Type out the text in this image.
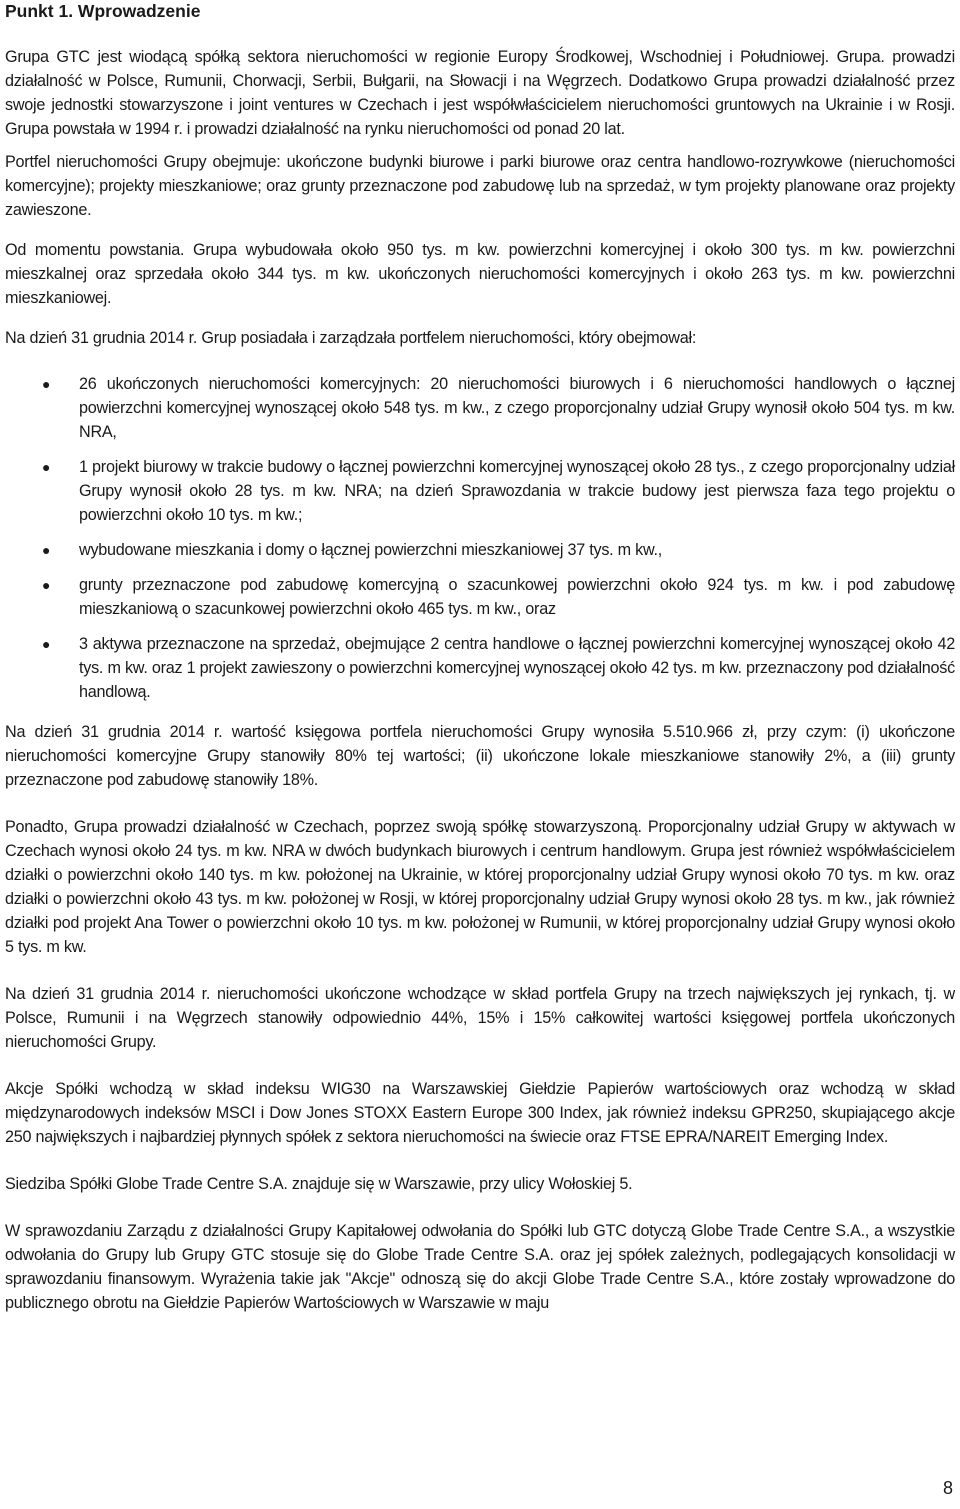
Punkt 1. Wprowadzenie

Grupa GTC jest wiodącą spółką sektora nieruchomości w regionie Europy Środkowej, Wschodniej i Południowej. Grupa. prowadzi działalność w Polsce, Rumunii, Chorwacji, Serbii, Bułgarii, na Słowacji i na Węgrzech. Dodatkowo Grupa prowadzi działalność przez swoje jednostki stowarzyszone i joint ventures w Czechach i jest współwłaścicielem nieruchomości gruntowych na Ukrainie i w Rosji. Grupa powstała w 1994 r. i prowadzi działalność na rynku nieruchomości od ponad 20 lat.

Portfel nieruchomości Grupy obejmuje: ukończone budynki biurowe i parki biurowe oraz centra handlowo-rozrywkowe (nieruchomości komercyjne); projekty mieszkaniowe; oraz grunty przeznaczone pod zabudowę lub na sprzedaż, w tym projekty planowane oraz projekty zawieszone.

Od momentu powstania. Grupa wybudowała około 950 tys. m kw. powierzchni komercyjnej i około 300 tys. m kw. powierzchni mieszkalnej oraz sprzedała około 344 tys. m kw. ukończonych nieruchomości komercyjnych i około 263 tys. m kw. powierzchni mieszkaniowej.

Na dzień 31 grudnia 2014 r. Grup posiadała i zarządzała portfelem nieruchomości, który obejmował:

● 26 ukończonych nieruchomości komercyjnych: 20 nieruchomości biurowych i 6 nieruchomości handlowych o łącznej powierzchni komercyjnej wynoszącej około 548 tys. m kw., z czego proporcjonalny udział Grupy wynosił około 504 tys. m kw. NRA,
● 1 projekt biurowy w trakcie budowy o łącznej powierzchni komercyjnej wynoszącej około 28 tys., z czego proporcjonalny udział Grupy wynosił około 28 tys. m kw. NRA; na dzień Sprawozdania w trakcie budowy jest pierwsza faza tego projektu o powierzchni około 10 tys. m kw.;
● wybudowane mieszkania i domy o łącznej powierzchni mieszkaniowej 37 tys. m kw.,
● grunty przeznaczone pod zabudowę komercyjną o szacunkowej powierzchni około 924 tys. m kw. i pod zabudowę mieszkaniową o szacunkowej powierzchni około 465 tys. m kw., oraz
● 3 aktywa przeznaczone na sprzedaż, obejmujące 2 centra handlowe o łącznej powierzchni komercyjnej wynoszącej około 42 tys. m kw. oraz 1 projekt zawieszony o powierzchni komercyjnej wynoszącej około 42 tys. m kw. przeznaczony pod działalność handlową.

Na dzień 31 grudnia 2014 r. wartość księgowa portfela nieruchomości Grupy wynosiła 5.510.966 zł, przy czym: (i) ukończone nieruchomości komercyjne Grupy stanowiły 80% tej wartości; (ii) ukończone lokale mieszkaniowe stanowiły 2%, a (iii) grunty przeznaczone pod zabudowę stanowiły 18%.

Ponadto, Grupa prowadzi działalność w Czechach, poprzez swoją spółkę stowarzyszoną. Proporcjonalny udział Grupy w aktywach w Czechach wynosi około 24 tys. m kw. NRA w dwóch budynkach biurowych i centrum handlowym. Grupa jest również współwłaścicielem działki o powierzchni około 140 tys. m kw. położonej na Ukrainie, w której proporcjonalny udział Grupy wynosi około 70 tys. m kw. oraz działki o powierzchni około 43 tys. m kw. położonej w Rosji, w której proporcjonalny udział Grupy wynosi około 28 tys. m kw., jak również działki pod projekt Ana Tower o powierzchni około 10 tys. m kw. położonej w Rumunii, w której proporcjonalny udział Grupy wynosi około 5 tys. m kw.

Na dzień 31 grudnia 2014 r. nieruchomości ukończone wchodzące w skład portfela Grupy na trzech największych jej rynkach, tj. w Polsce, Rumunii i na Węgrzech stanowiły odpowiednio 44%, 15% i 15% całkowitej wartości księgowej portfela ukończonych nieruchomości Grupy.

Akcje Spółki wchodzą w skład indeksu WIG30 na Warszawskiej Giełdzie Papierów wartościowych oraz wchodzą w skład międzynarodowych indeksów MSCI i Dow Jones STOXX Eastern Europe 300 Index, jak również indeksu GPR250, skupiającego akcje 250 największych i najbardziej płynnych spółek z sektora nieruchomości na świecie oraz FTSE EPRA/NAREIT Emerging Index.

Siedziba Spółki Globe Trade Centre S.A. znajduje się w Warszawie, przy ulicy Wołoskiej 5.

W sprawozdaniu Zarządu z działalności Grupy Kapitałowej odwołania do Spółki lub GTC dotyczą Globe Trade Centre S.A., a wszystkie odwołania do Grupy lub Grupy GTC stosuje się do Globe Trade Centre S.A. oraz jej spółek zależnych, podlegających konsolidacji w sprawozdaniu finansowym. Wyrażenia takie jak "Akcje" odnoszą się do akcji Globe Trade Centre S.A., które zostały wprowadzone do publicznego obrotu na Giełdzie Papierów Wartościowych w Warszawie w maju

8
